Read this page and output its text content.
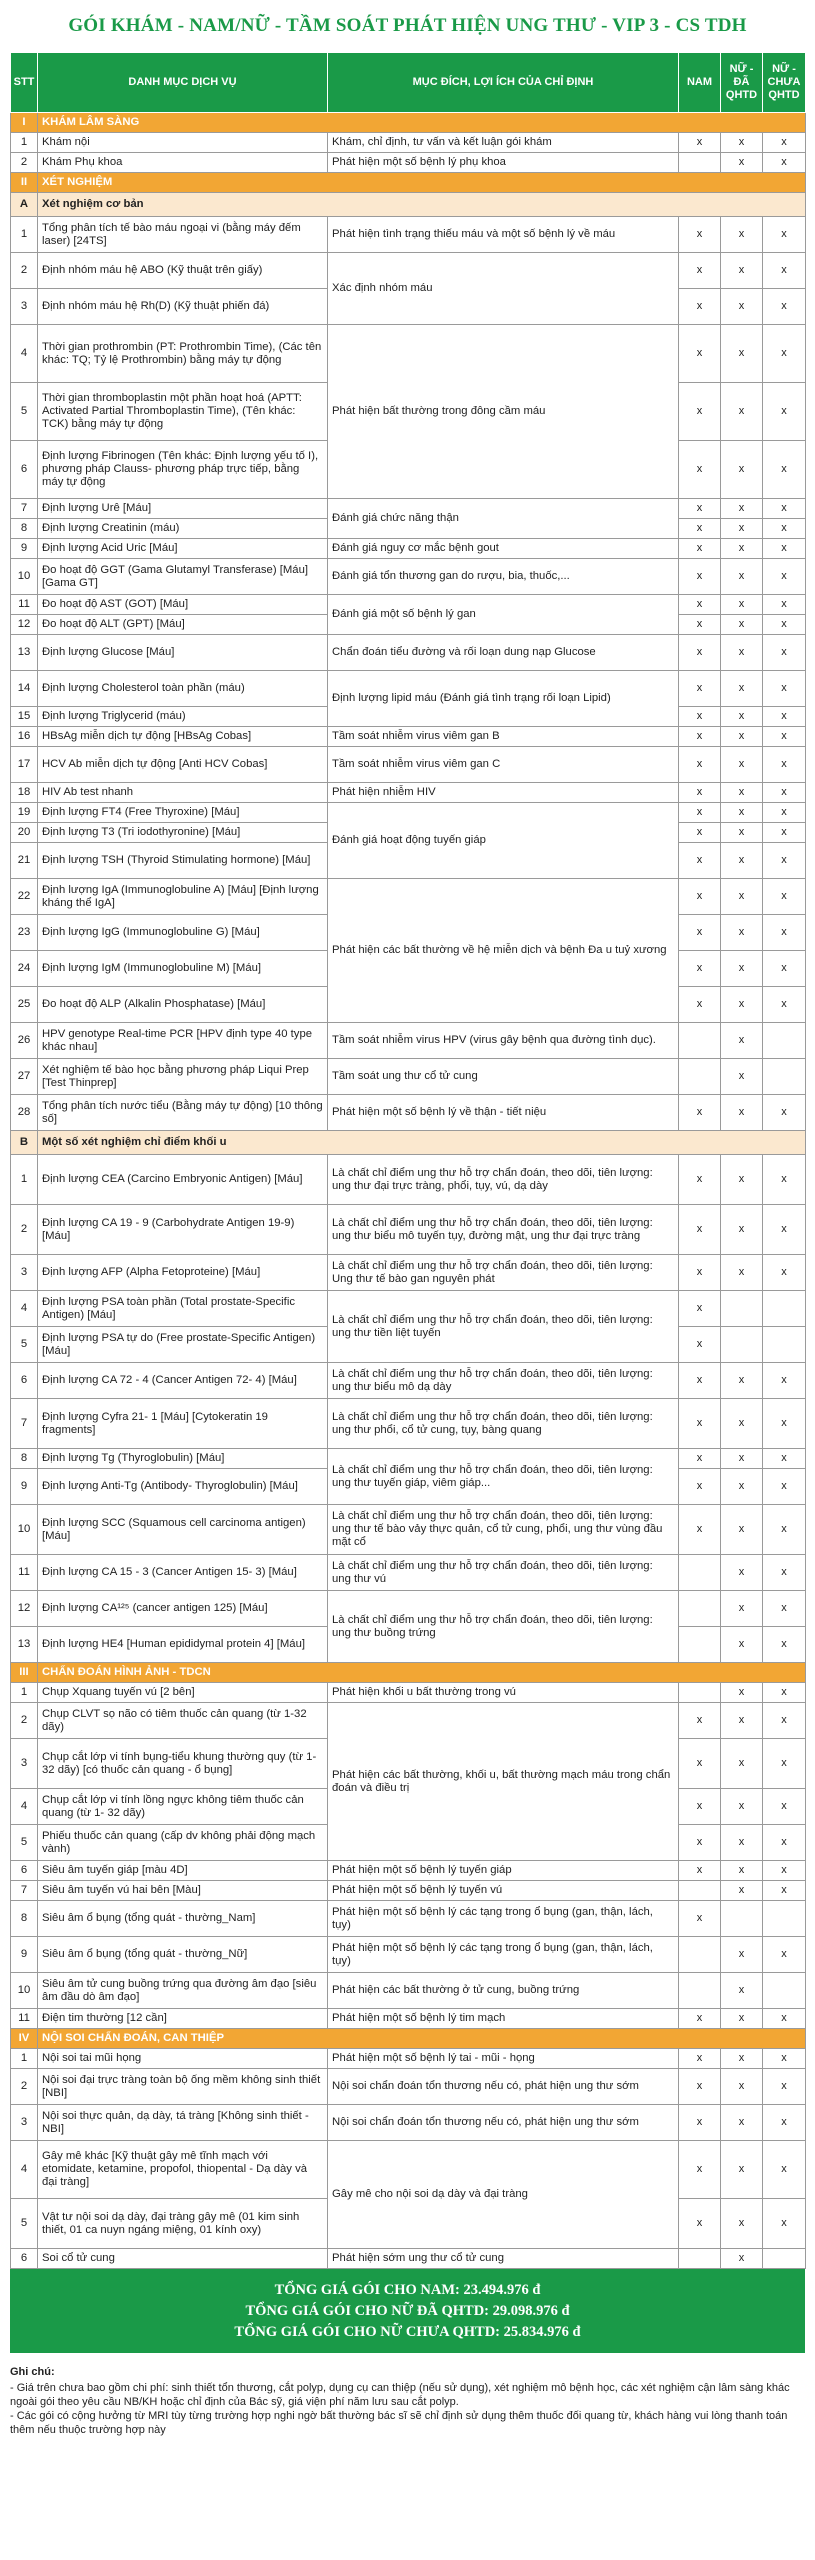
GÓI KHÁM - NAM/NỮ - TẦM SOÁT PHÁT HIỆN UNG THƯ - VIP 3 - CS TDH
STT	DANH MỤC DỊCH VỤ	MỤC ĐÍCH, LỢI ÍCH CỦA CHỈ ĐỊNH	NAM	NỮ - ĐÃ QHTD	NỮ - CHƯA QHTD
I	KHÁM LÂM SÀNG				
1	Khám nội	Khám, chỉ định, tư vấn và kết luận gói khám	x	x	x
2	Khám Phụ khoa	Phát hiện một số bệnh lý phụ khoa		x	x
II	XÉT NGHIỆM				
A	Xét nghiệm cơ bản				
1	Tổng phân tích tế bào máu ngoại vi (bằng máy đếm laser) [24TS]	Phát hiện tình trạng thiếu máu và một số bệnh lý về máu	x	x	x
2	Định nhóm máu hệ ABO (Kỹ thuật trên giấy)	Xác định nhóm máu	x	x	x
3	Định nhóm máu hệ Rh(D) (Kỹ thuật phiến đá)		x	x	x
4	Thời gian prothrombin (PT: Prothrombin Time), (Các tên khác: TQ; Tỷ lệ Prothrombin) bằng máy tự động	Phát hiện bất thường trong đông cầm máu	x	x	x
5	Thời gian thromboplastin một phần hoạt hoá (APTT: Activated Partial Thromboplastin Time), (Tên khác: TCK) bằng máy tự động		x	x	x
6	Định lượng Fibrinogen (Tên khác: Định lượng yếu tố I), phương pháp Clauss- phương pháp trực tiếp, bằng máy tự động		x	x	x
7	Định lượng Urê [Máu]	Đánh giá chức năng thận	x	x	x
8	Định lượng Creatinin (máu)		x	x	x
9	Định lượng Acid Uric [Máu]	Đánh giá nguy cơ mắc bệnh gout	x	x	x
10	Đo hoạt độ GGT (Gama Glutamyl Transferase) [Máu] [Gama GT]	Đánh giá tổn thương gan do rượu, bia, thuốc,...	x	x	x
11	Đo hoạt độ AST (GOT) [Máu]	Đánh giá một số bệnh lý gan	x	x	x
12	Đo hoạt độ ALT (GPT) [Máu]		x	x	x
13	Định lượng Glucose [Máu]	Chẩn đoán tiểu đường và rối loạn dung nạp Glucose	x	x	x
14	Định lượng Cholesterol toàn phần (máu)	Định lượng lipid máu (Đánh giá tình trạng rối loạn Lipid)	x	x	x
15	Định lượng Triglycerid (máu)		x	x	x
16	HBsAg miễn dịch tự động [HBsAg Cobas]	Tầm soát nhiễm virus viêm gan B	x	x	x
17	HCV Ab miễn dịch tự động [Anti HCV Cobas]	Tầm soát nhiễm virus viêm gan C	x	x	x
18	HIV Ab test nhanh	Phát hiện nhiễm HIV	x	x	x
19	Định lượng FT4 (Free Thyroxine) [Máu]	Đánh giá hoạt động tuyến giáp	x	x	x
20	Định lượng T3 (Tri iodothyronine) [Máu]		x	x	x
21	Định lượng TSH (Thyroid Stimulating hormone) [Máu]		x	x	x
22	Định lượng IgA (Immunoglobuline A) [Máu] [Định lượng kháng thể IgA]	Phát hiện các bất thường về hệ miễn dịch và bệnh Đa u tuỷ xương	x	x	x
23	Định lượng IgG (Immunoglobuline G) [Máu]		x	x	x
24	Định lượng IgM (Immunoglobuline M) [Máu]		x	x	x
25	Đo hoạt độ ALP (Alkalin Phosphatase) [Máu]		x	x	x
26	HPV genotype Real-time PCR [HPV định type 40 type khác nhau]	Tầm soát nhiễm virus HPV (virus gây bệnh qua đường tình dục).		x	
27	Xét nghiệm tế bào học bằng phương pháp Liqui Prep [Test Thinprep]	Tầm soát ung thư cổ tử cung		x	
28	Tổng phân tích nước tiểu (Bằng máy tự động) [10 thông số]	Phát hiện một số bệnh lý về thận - tiết niệu	x	x	x
B	Một số xét nghiệm chỉ điểm khối u				
1	Định lượng CEA (Carcino Embryonic Antigen) [Máu]	Là chất chỉ điểm ung thư hỗ trợ chẩn đoán, theo dõi, tiên lượng: ung thư đại trực tràng, phổi, tụy, vú, dạ dày	x	x	x
2	Định lượng CA 19 - 9 (Carbohydrate Antigen 19-9) [Máu]	Là chất chỉ điểm ung thư hỗ trợ chẩn đoán, theo dõi, tiên lượng: ung thư biểu mô tuyến tụy, đường mật, ung thư đại trực tràng	x	x	x
3	Định lượng AFP (Alpha Fetoproteine) [Máu]	Là chất chỉ điểm ung thư hỗ trợ chẩn đoán, theo dõi, tiên lượng: Ung thư tế bào gan nguyên phát	x	x	x
4	Định lượng PSA toàn phần (Total prostate-Specific Antigen) [Máu]	Là chất chỉ điểm ung thư hỗ trợ chẩn đoán, theo dõi, tiên lượng: ung thư tiền liệt tuyến	x		
5	Định lượng PSA tự do (Free prostate-Specific Antigen) [Máu]		x		
6	Định lượng CA 72 - 4 (Cancer Antigen 72- 4) [Máu]	Là chất chỉ điểm ung thư hỗ trợ chẩn đoán, theo dõi, tiên lượng: ung thư biểu mô dạ dày	x	x	x
7	Định lượng Cyfra 21- 1 [Máu] [Cytokeratin 19 fragments]	Là chất chỉ điểm ung thư hỗ trợ chẩn đoán, theo dõi, tiên lượng: ung thư phổi, cổ tử cung, tụy, bàng quang	x	x	x
8	Định lượng Tg (Thyroglobulin) [Máu]	Là chất chỉ điểm ung thư hỗ trợ chẩn đoán, theo dõi, tiên lượng: ung thư tuyến giáp, viêm giáp...	x	x	x
9	Định lượng Anti-Tg (Antibody- Thyroglobulin) [Máu]		x	x	x
10	Định lượng SCC (Squamous cell carcinoma antigen) [Máu]	Là chất chỉ điểm ung thư hỗ trợ chẩn đoán, theo dõi, tiên lượng: ung thư tế bào vảy thực quản, cổ tử cung, phổi, ung thư vùng đầu mặt cổ	x	x	x
11	Định lượng CA 15 - 3 (Cancer Antigen 15- 3) [Máu]	Là chất chỉ điểm ung thư hỗ trợ chẩn đoán, theo dõi, tiên lượng: ung thư vú		x	x
12	Định lượng CA¹²⁵ (cancer antigen 125) [Máu]	Là chất chỉ điểm ung thư hỗ trợ chẩn đoán, theo dõi, tiên lượng: ung thư buồng trứng		x	x
13	Định lượng HE4 [Human epididymal protein 4] [Máu]			x	x
III	CHẨN ĐOÁN HÌNH ẢNH - TDCN				
1	Chụp Xquang tuyến vú [2 bên]	Phát hiện khối u bất thường trong vú		x	x
2	Chụp CLVT sọ não có tiêm thuốc cản quang (từ 1-32 dãy)	Phát hiện các bất thường, khối u, bất thường mạch máu trong chẩn đoán và điều trị	x	x	x
3	Chụp cắt lớp vi tính bụng-tiểu khung thường quy (từ 1-32 dãy) [có thuốc cản quang - ổ bụng]		x	x	x
4	Chụp cắt lớp vi tính lồng ngực không tiêm thuốc cản quang (từ 1- 32 dãy)		x	x	x
5	Phiếu thuốc cản quang (cấp dv không phải động mạch vành)		x	x	x
6	Siêu âm tuyến giáp [màu 4D]	Phát hiện một số bệnh lý tuyến giáp	x	x	x
7	Siêu âm tuyến vú hai bên [Màu]	Phát hiện một số bệnh lý tuyến vú		x	x
8	Siêu âm ổ bụng (tổng quát - thường_Nam]	Phát hiện một số bệnh lý các tạng trong ổ bụng (gan, thận, lách, tụy)	x		
9	Siêu âm ổ bụng (tổng quát - thường_Nữ]	Phát hiện một số bệnh lý các tạng trong ổ bụng (gan, thận, lách, tụy)		x	x
10	Siêu âm tử cung buồng trứng qua đường âm đạo [siêu âm đầu dò âm đạo]	Phát hiện các bất thường ở tử cung, buồng trứng		x	
11	Điện tim thường [12 cần]	Phát hiện một số bệnh lý tim mạch	x	x	x
IV	NỘI SOI CHẨN ĐOÁN, CAN THIỆP				
1	Nội soi tai mũi họng	Phát hiện một số bệnh lý tai - mũi - họng	x	x	x
2	Nội soi đại trực tràng toàn bộ ống mềm không sinh thiết [NBI]	Nội soi chẩn đoán tổn thương nếu có, phát hiện ung thư sớm	x	x	x
3	Nội soi thực quản, dạ dày, tá tràng [Không sinh thiết - NBI]	Nội soi chẩn đoán tổn thương nếu có, phát hiện ung thư sớm	x	x	x
4	Gây mê khác [Kỹ thuật gây mê tĩnh mạch với etomidate, ketamine, propofol, thiopental - Dạ dày và đại tràng]	Gây mê cho nội soi dạ dày và đại tràng	x	x	x
5	Vật tư nội soi dạ dày, đại tràng gây mê (01 kim sinh thiết, 01 ca nuyn ngáng miệng, 01 kính oxy)		x	x	x
6	Soi cổ tử cung	Phát hiện sớm ung thư cổ tử cung		x	
TỔNG GIÁ GÓI CHO NAM: 23.494.976 đ
TỔNG GIÁ GÓI CHO NỮ ĐÃ QHTD: 29.098.976 đ
TỔNG GIÁ GÓI CHO NỮ CHƯA QHTD: 25.834.976 đ
Ghi chú:
- Giá trên chưa bao gồm chi phí: sinh thiết tổn thương, cắt polyp, dụng cụ can thiệp (nếu sử dụng), xét nghiệm mô bệnh học, các xét nghiệm cận lâm sàng khác ngoài gói theo yêu cầu NB/KH hoặc chỉ định của Bác sỹ, giá viện phí năm lưu sau cắt polyp.
- Các gói có cộng hưởng từ MRI tùy từng trường hợp nghi ngờ bất thường bác sĩ sẽ chỉ định sử dụng thêm thuốc đối quang từ, khách hàng vui lòng thanh toán thêm nếu thuộc trường hợp này
